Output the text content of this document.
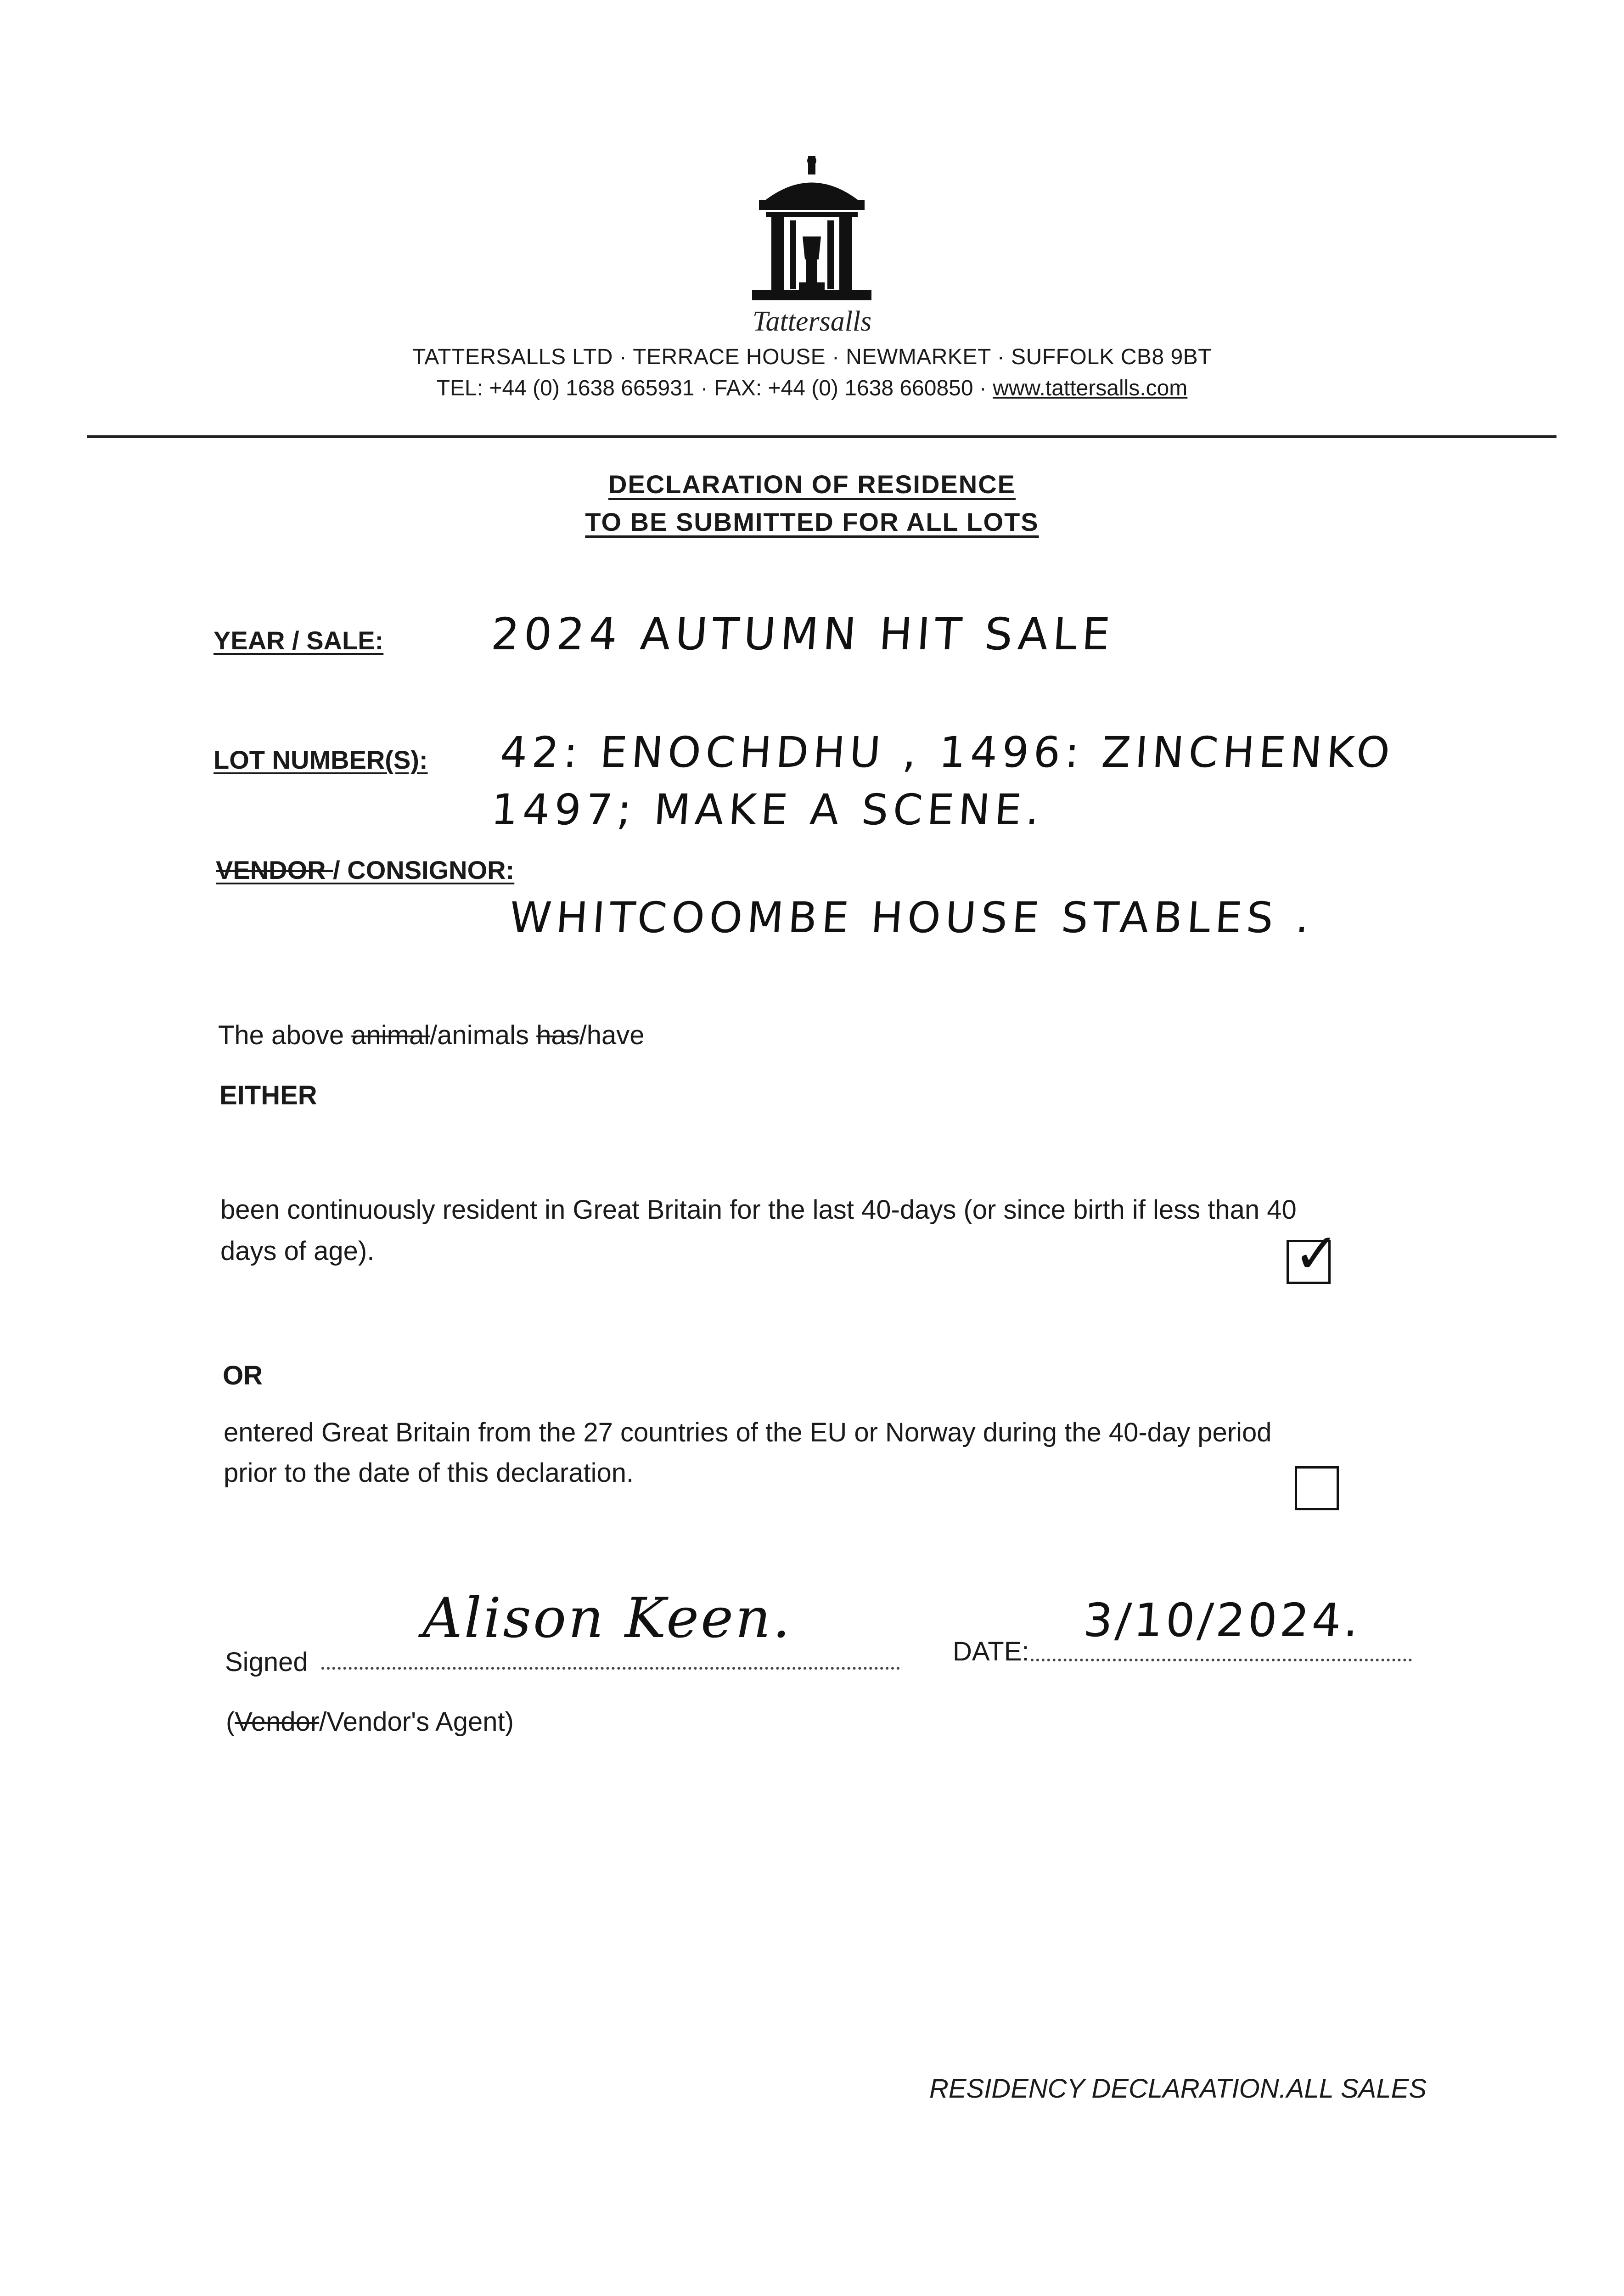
Tattersalls
TATTERSALLS LTD · TERRACE HOUSE · NEWMARKET · SUFFOLK CB8 9BT
TEL: +44 (0) 1638 665931 · FAX: +44 (0) 1638 660850 · www.tattersalls.com
DECLARATION OF RESIDENCE
TO BE SUBMITTED FOR ALL LOTS
YEAR / SALE: 2024 AUTUMN HIT SALE
LOT NUMBER(S): 42: ENOCHDHU , 1496: ZINCHENKO
1497; MAKE A SCENE.
VENDOR / CONSIGNOR:
WHITCOOMBE HOUSE STABLES .
The above animal/animals has/have
EITHER
been continuously resident in Great Britain for the last 40-days (or since birth if less than 40
days of age).	✓
OR
entered Great Britain from the 27 countries of the EU or Norway during the 40-day period
prior to the date of this declaration.
Signed
Alison Keen.
DATE:
3/10/2024.
(Vendor/Vendor's Agent)
RESIDENCY DECLARATION.ALL SALES
